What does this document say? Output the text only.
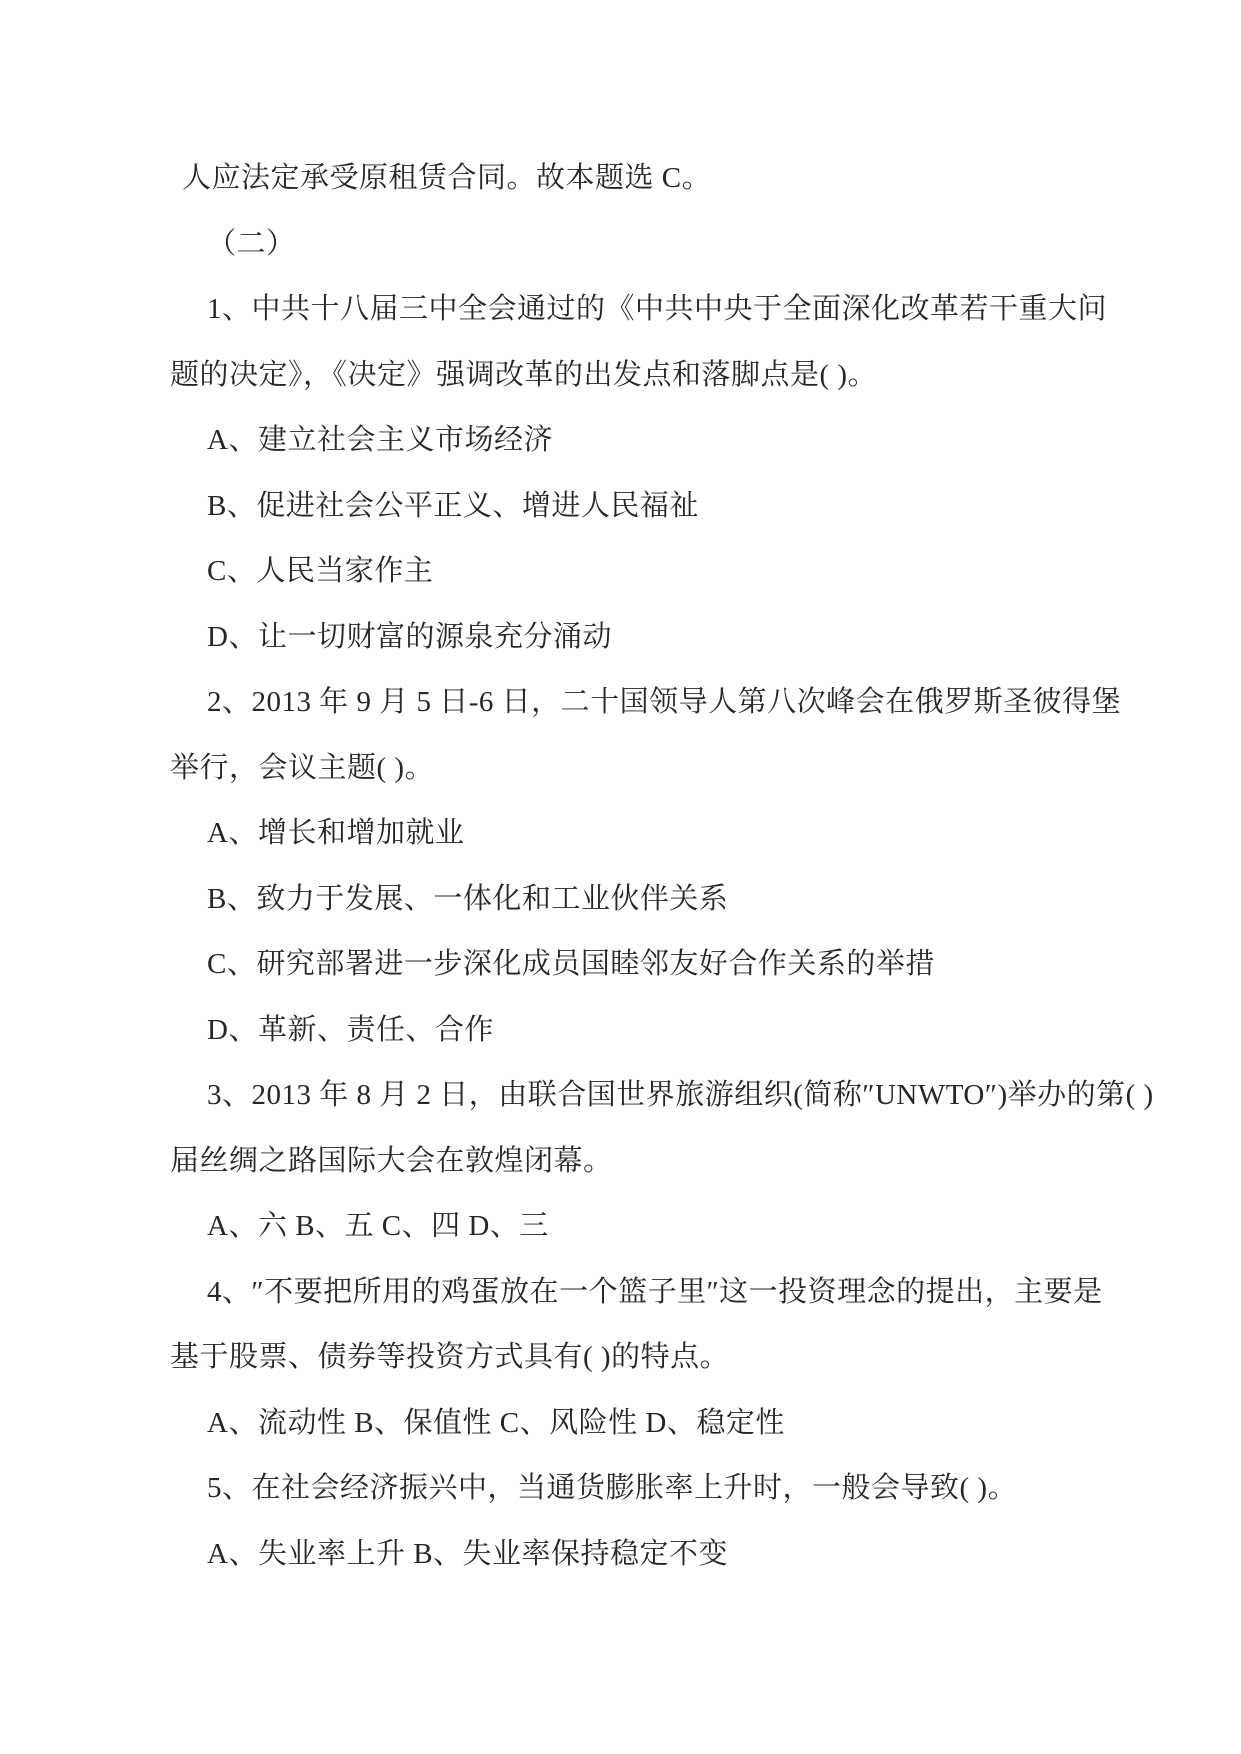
人应法定承受原租赁合同。故本题选 C。
（二）
1、中共十八届三中全会通过的《中共中央于全面深化改革若干重大问
题的决定》，《决定》强调改革的出发点和落脚点是( )。
A、建立社会主义市场经济
B、促进社会公平正义、增进人民福祉
C、人民当家作主
D、让一切财富的源泉充分涌动
2、2013 年 9 月 5 日-6 日，二十国领导人第八次峰会在俄罗斯圣彼得堡
举行，会议主题( )。
A、增长和增加就业
B、致力于发展、一体化和工业伙伴关系
C、研究部署进一步深化成员国睦邻友好合作关系的举措
D、革新、责任、合作
3、2013 年 8 月 2 日，由联合国世界旅游组织(简称″UNWTO″)举办的第( )
届丝绸之路国际大会在敦煌闭幕。
A、六 B、五 C、四 D、三
4、″不要把所用的鸡蛋放在一个篮子里″这一投资理念的提出，主要是
基于股票、债券等投资方式具有( )的特点。
A、流动性 B、保值性 C、风险性 D、稳定性
5、在社会经济振兴中，当通货膨胀率上升时，一般会导致( )。
A、失业率上升 B、失业率保持稳定不变
